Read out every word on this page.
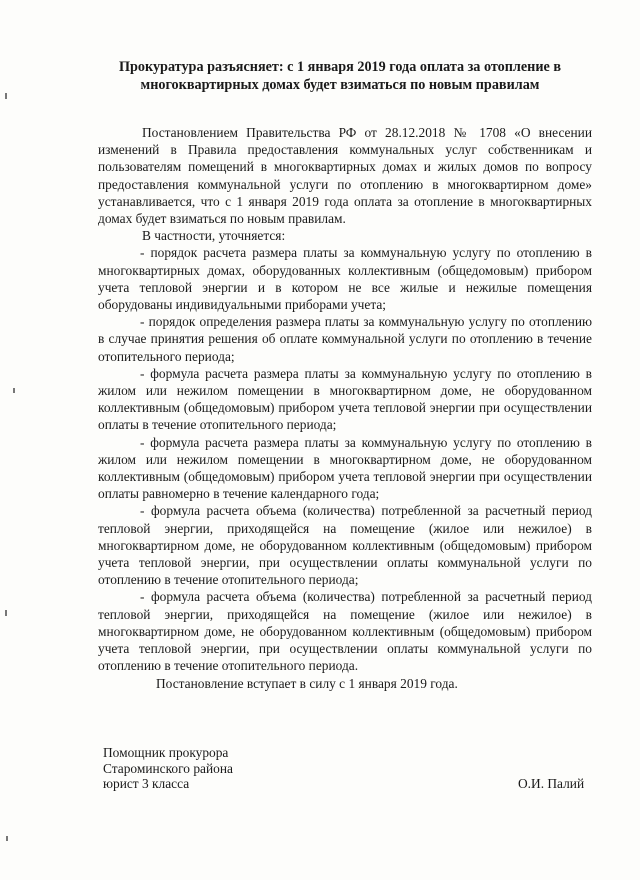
Прокуратура разъясняет: с 1 января 2019 года оплата за отопление в многоквартирных домах будет взиматься по новым правилам

Постановлением Правительства РФ от 28.12.2018 № 1708 «О внесении изменений в Правила предоставления коммунальных услуг собственникам и пользователям помещений в многоквартирных домах и жилых домов по вопросу предоставления коммунальной услуги по отоплению в многоквартирном доме» устанавливается, что с 1 января 2019 года оплата за отопление в многоквартирных домах будет взиматься по новым правилам.

В частности, уточняется:

- порядок расчета размера платы за коммунальную услугу по отоплению в многоквартирных домах, оборудованных коллективным (общедомовым) прибором учета тепловой энергии и в котором не все жилые и нежилые помещения оборудованы индивидуальными приборами учета;

- порядок определения размера платы за коммунальную услугу по отоплению в случае принятия решения об оплате коммунальной услуги по отоплению в течение отопительного периода;

- формула расчета размера платы за коммунальную услугу по отоплению в жилом или нежилом помещении в многоквартирном доме, не оборудованном коллективным (общедомовым) прибором учета тепловой энергии при осуществлении оплаты в течение отопительного периода;

- формула расчета размера платы за коммунальную услугу по отоплению в жилом или нежилом помещении в многоквартирном доме, не оборудованном коллективным (общедомовым) прибором учета тепловой энергии при осуществлении оплаты равномерно в течение календарного года;

- формула расчета объема (количества) потребленной за расчетный период тепловой энергии, приходящейся на помещение (жилое или нежилое) в многоквартирном доме, не оборудованном коллективным (общедомовым) прибором учета тепловой энергии, при осуществлении оплаты коммунальной услуги по отоплению в течение отопительного периода;

- формула расчета объема (количества) потребленной за расчетный период тепловой энергии, приходящейся на помещение (жилое или нежилое) в многоквартирном доме, не оборудованном коллективным (общедомовым) прибором учета тепловой энергии, при осуществлении оплаты коммунальной услуги по отоплению в течение отопительного периода.

Постановление вступает в силу с 1 января 2019 года.

Помощник прокурора
Староминского района
юрист 3 класса	О.И. Палий
